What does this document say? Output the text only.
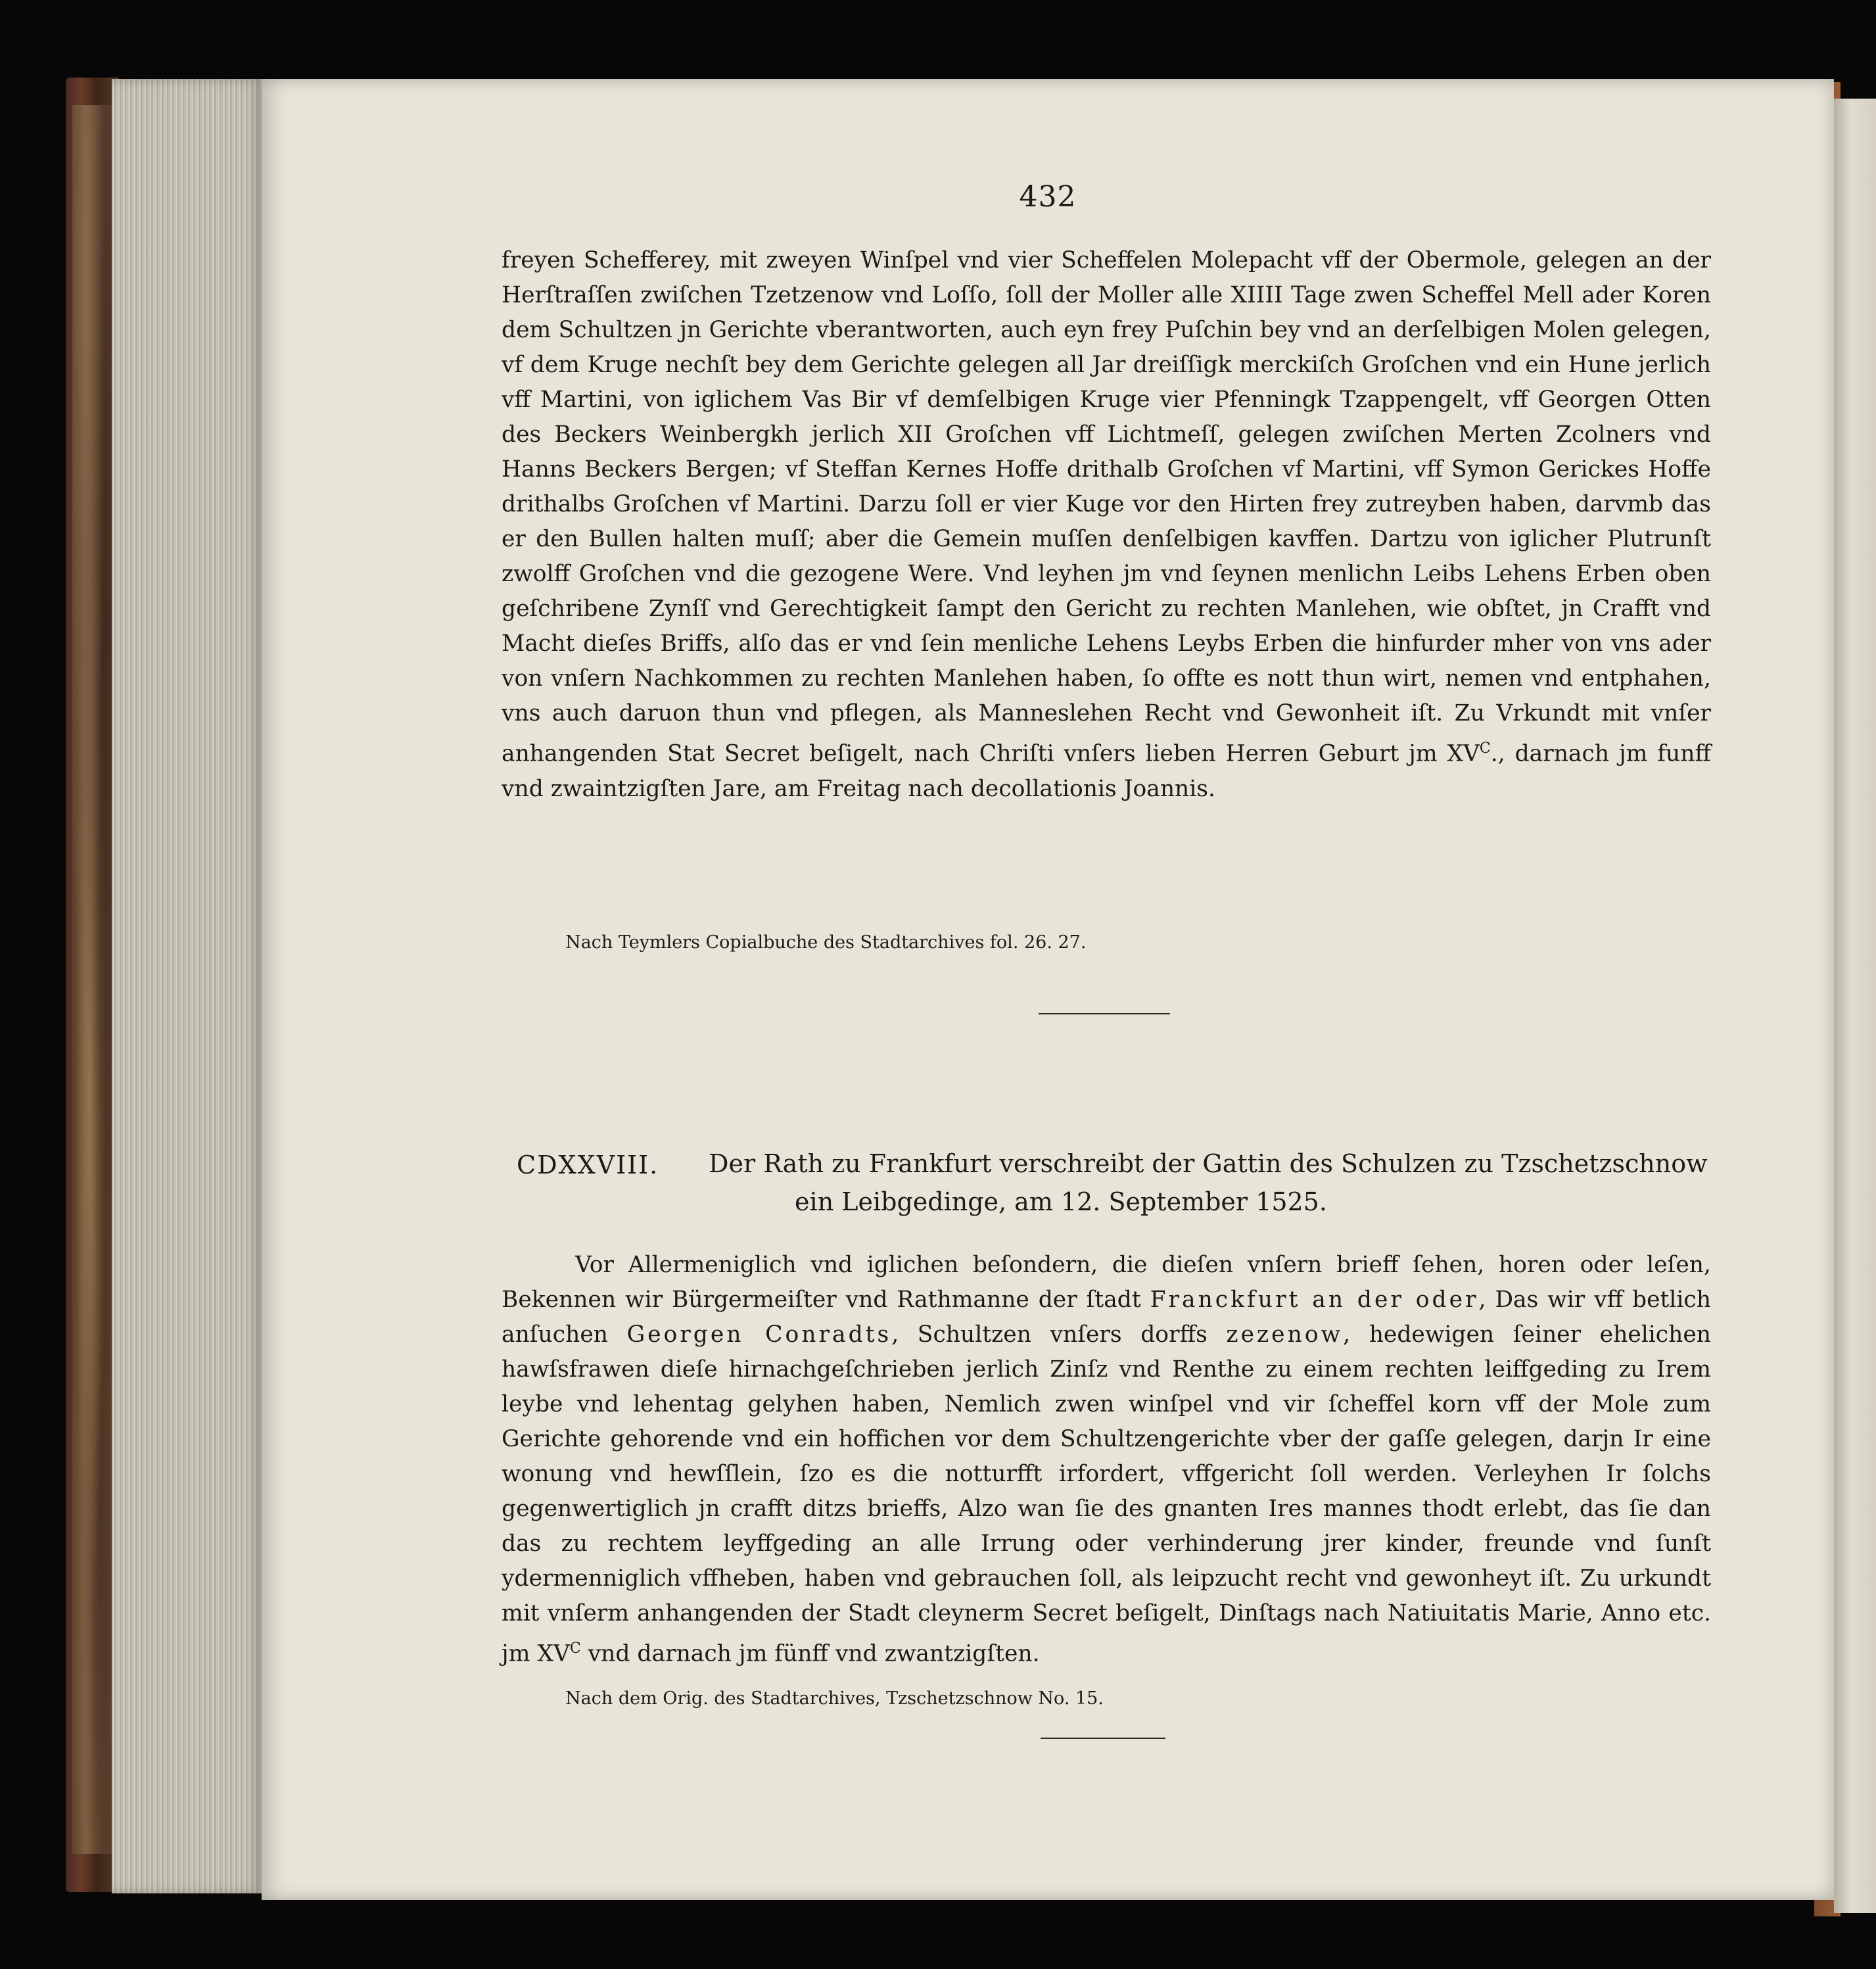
432

freyen Schefferey, mit zweyen Winſpel vnd vier Scheffelen Molepacht vff der Obermole, gelegen an der Herſtraſſen zwiſchen Tzetzenow vnd Loſſo, ſoll der Moller alle XIIII Tage zwen Scheffel Mell ader Koren dem Schultzen jn Gerichte vberantworten, auch eyn frey Puſchin bey vnd an derſelbigen Molen gelegen, vf dem Kruge nechſt bey dem Gerichte gelegen all Jar dreiſſigk merckiſch Groſchen vnd ein Hune jerlich vff Martini, von iglichem Vas Bir vf demſelbigen Kruge vier Pfenningk Tzappengelt, vff Georgen Otten des Beckers Weinbergkh jerlich XII Groſchen vff Lichtmeſſ, gelegen zwiſchen Merten Zcolners vnd Hanns Beckers Bergen; vf Steffan Kernes Hoffe drithalb Groſchen vf Martini, vff Symon Gerickes Hoffe drithalbs Groſchen vf Martini. Darzu ſoll er vier Kuge vor den Hirten frey zutreyben haben, darvmb das er den Bullen halten muſſ; aber die Gemein muſſen denſelbigen kavffen. Dartzu von iglicher Plutrunſt zwolff Groſchen vnd die gezogene Were. Vnd leyhen jm vnd ſeynen menlichn Leibs Lehens Erben oben geſchribene Zynſſ vnd Gerechtigkeit ſampt den Gericht zu rechten Manlehen, wie obſtet, jn Crafft vnd Macht dieſes Briffs, alſo das er vnd ſein menliche Lehens Leybs Erben die hinfurder mher von vns ader von vnſern Nachkommen zu rechten Manlehen haben, ſo offte es nott thun wirt, nemen vnd entphahen, vns auch daruon thun vnd pflegen, als Manneslehen Recht vnd Gewonheit iſt. Zu Vrkundt mit vnſer anhangenden Stat Secret beſigelt, nach Chriſti vnſers lieben Herren Geburt jm $XV^C$., darnach jm funff vnd zwaintzigſten Jare, am Freitag nach decollationis Joannis.

Nach Teymlers Copialbuche des Stadtarchives fol. 26. 27.
CDXXVIII. Der Rath zu Frankfurt verschreibt der Gattin des Schulzen zu Tzschetzschnow
ein Leibgedinge, am 12. September 1525.

Vor Allermeniglich vnd iglichen beſondern, die dieſen vnſern brieff ſehen, horen oder leſen, Bekennen wir Bürgermeiſter vnd Rathmanne der ſtadt Franckfurt an der oder, Das wir vff betlich anſuchen Georgen Conradts, Schultzen vnſers dorffs zezenow, hedewigen ſeiner ehelichen hawſsfrawen dieſe hirnachgeſchrieben jerlich Zinſz vnd Renthe zu einem rechten leiffgeding zu Irem leybe vnd lehentag gelyhen haben, Nemlich zwen winſpel vnd vir ſcheffel korn vff der Mole zum Gerichte gehorende vnd ein hoffichen vor dem Schultzengerichte vber der gaſſe gelegen, darjn Ir eine wonung vnd hewſſlein, ſzo es die notturfft irfordert, vffgericht ſoll werden. Verleyhen Ir ſolchs gegenwertiglich jn crafft ditzs brieffs, Alzo wan ſie des gnanten Ires mannes thodt erlebt, das ſie dan das zu rechtem leyffgeding an alle Irrung oder verhinderung jrer kinder, freunde vnd ſunſt ydermenniglich vffheben, haben vnd gebrauchen ſoll, als leipzucht recht vnd gewonheyt iſt. Zu urkundt mit vnſerm anhangenden der Stadt cleynerm Secret beſigelt, Dinſtags nach Natiuitatis Marie, Anno etc. jm $XV^C$ vnd darnach jm fünff vnd zwantzigſten.

Nach dem Orig. des Stadtarchives, Tzschetzschnow No. 15.
